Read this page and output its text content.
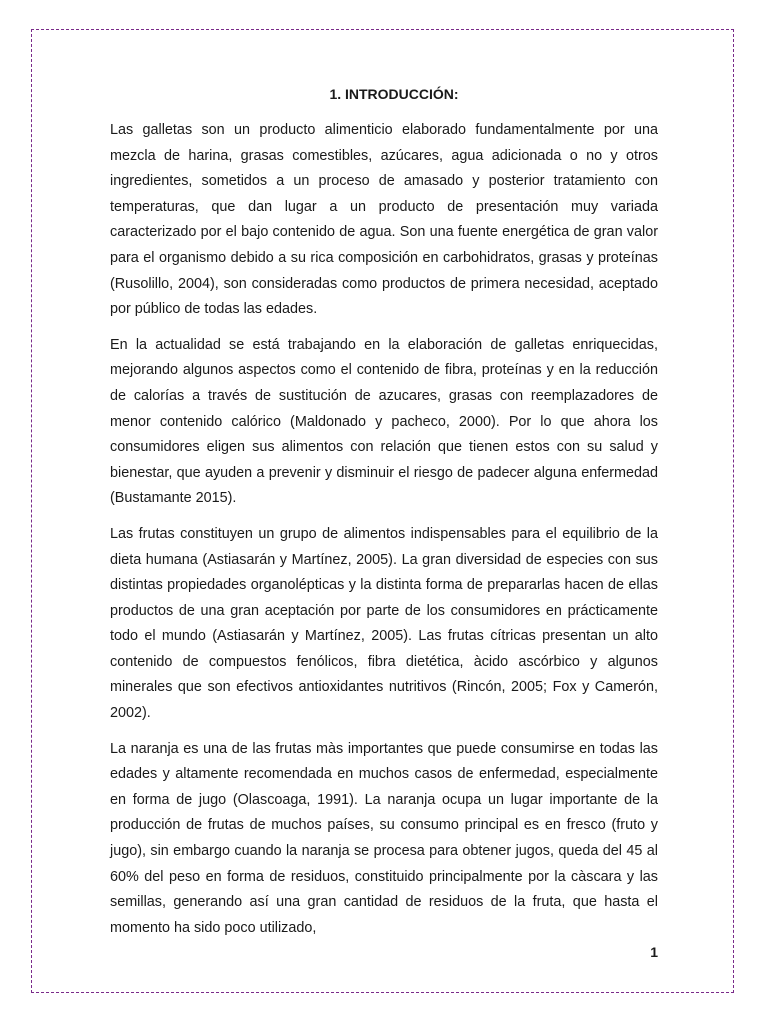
1. INTRODUCCIÓN:

Las galletas son un producto alimenticio elaborado fundamentalmente por una mezcla de harina, grasas comestibles, azúcares, agua adicionada o no y otros ingredientes, sometidos a un proceso de amasado y posterior tratamiento con temperaturas, que dan lugar a un producto de presentación muy variada caracterizado por el bajo contenido de agua. Son una fuente energética de gran valor para el organismo debido a su rica composición en carbohidratos, grasas y proteínas (Rusolillo, 2004), son consideradas como productos de primera necesidad, aceptado por público de todas las edades.

En la actualidad se está trabajando en la elaboración de galletas enriquecidas, mejorando algunos aspectos como el contenido de fibra, proteínas y en la reducción de calorías a través de sustitución de azucares, grasas con reemplazadores de menor contenido calórico (Maldonado y pacheco, 2000). Por lo que ahora los consumidores eligen sus alimentos con relación que tienen estos con su salud y bienestar, que ayuden a prevenir y disminuir el riesgo de padecer alguna enfermedad (Bustamante 2015).

Las frutas constituyen un grupo de alimentos indispensables para el equilibrio de la dieta humana (Astiasarán y Martínez, 2005). La gran diversidad de especies con sus distintas propiedades organolépticas y la distinta forma de prepararlas hacen de ellas productos de una gran aceptación por parte de los consumidores en prácticamente todo el mundo (Astiasarán y Martínez, 2005). Las frutas cítricas presentan un alto contenido de compuestos fenólicos, fibra dietética, àcido ascórbico y algunos minerales que son efectivos antioxidantes nutritivos (Rincón, 2005; Fox y Camerón, 2002).

La naranja es una de las frutas màs importantes que puede consumirse en todas las edades y altamente recomendada en muchos casos de enfermedad, especialmente en forma de jugo (Olascoaga, 1991). La naranja ocupa un lugar importante de la producción de frutas de muchos países, su consumo principal es en fresco (fruto y jugo), sin embargo cuando la naranja se procesa para obtener jugos, queda del 45 al 60% del peso en forma de residuos, constituido principalmente por la càscara y las semillas, generando así una gran cantidad de residuos de la fruta, que hasta el momento ha sido poco utilizado,

1
